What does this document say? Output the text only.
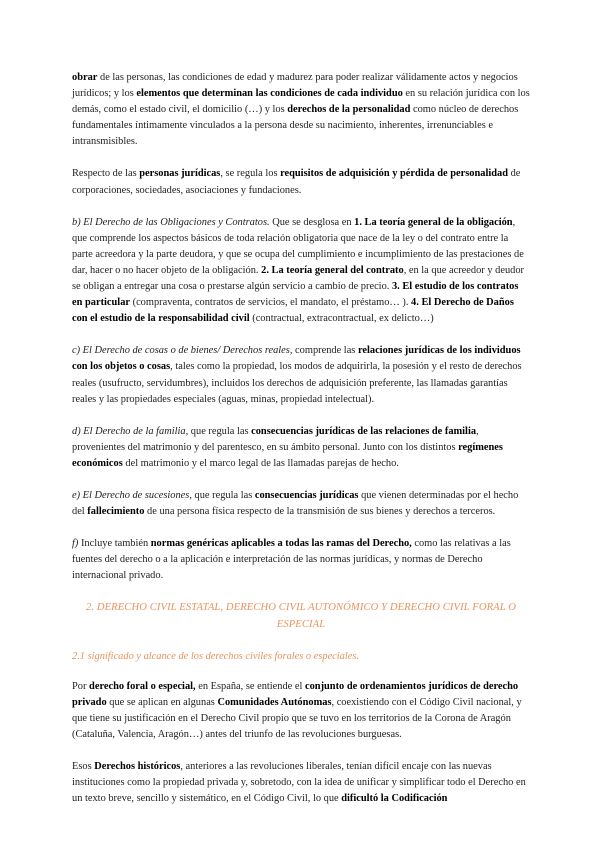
obrar de las personas, las condiciones de edad y madurez para poder realizar válidamente actos y negocios jurídicos; y los elementos que determinan las condiciones de cada individuo en su relación jurídica con los demás, como el estado civil, el domicilio (…) y los derechos de la personalidad como núcleo de derechos fundamentales íntimamente vinculados a la persona desde su nacimiento, inherentes, irrenunciables e intransmisibles.

Respecto de las personas jurídicas, se regula los requisitos de adquisición y pérdida de personalidad de corporaciones, sociedades, asociaciones y fundaciones.

b) El Derecho de las Obligaciones y Contratos. Que se desglosa en 1. La teoría general de la obligación, que comprende los aspectos básicos de toda relación obligatoria que nace de la ley o del contrato entre la parte acreedora y la parte deudora, y que se ocupa del cumplimiento e incumplimiento de las prestaciones de dar, hacer o no hacer objeto de la obligación. 2. La teoría general del contrato, en la que acreedor y deudor se obligan a entregar una cosa o prestarse algún servicio a cambio de precio. 3. El estudio de los contratos en particular (compraventa, contratos de servicios, el mandato, el préstamo… ). 4. El Derecho de Daños con el estudio de la responsabilidad civil (contractual, extracontractual, ex delicto…)

c) El Derecho de cosas o de bienes/ Derechos reales, comprende las relaciones jurídicas de los individuos con los objetos o cosas, tales como la propiedad, los modos de adquirirla, la posesión y el resto de derechos reales (usufructo, servidumbres), incluidos los derechos de adquisición preferente, las llamadas garantías reales y las propiedades especiales (aguas, minas, propiedad intelectual).

d) El Derecho de la familia, que regula las consecuencias jurídicas de las relaciones de familia, provenientes del matrimonio y del parentesco, en su ámbito personal. Junto con los distintos regímenes económicos del matrimonio y el marco legal de las llamadas parejas de hecho.

e) El Derecho de sucesiones, que regula las consecuencias jurídicas que vienen determinadas por el hecho del fallecimiento de una persona física respecto de la transmisión de sus bienes y derechos a terceros.

f) Incluye también normas genéricas aplicables a todas las ramas del Derecho, como las relativas a las fuentes del derecho o a la aplicación e interpretación de las normas jurídicas, y normas de Derecho internacional privado.

2. DERECHO CIVIL ESTATAL, DERECHO CIVIL AUTONÓMICO Y DERECHO CIVIL FORAL O ESPECIAL

2.1 significado y alcance de los derechos civiles forales o especiales.

Por derecho foral o especial, en España, se entiende el conjunto de ordenamientos jurídicos de derecho privado que se aplican en algunas Comunidades Autónomas, coexistiendo con el Código Civil nacional, y que tiene su justificación en el Derecho Civil propio que se tuvo en los territorios de la Corona de Aragón (Cataluña, Valencia, Aragón…) antes del triunfo de las revoluciones burguesas.

Esos Derechos históricos, anteriores a las revoluciones liberales, tenían difícil encaje con las nuevas instituciones como la propiedad privada y, sobretodo, con la idea de unificar y simplificar todo el Derecho en un texto breve, sencillo y sistemático, en el Código Civil, lo que dificultó la Codificación
